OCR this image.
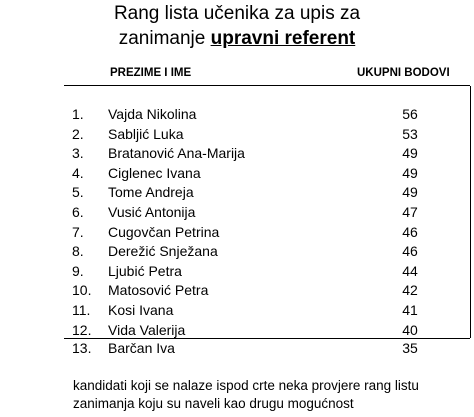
Rang lista učenika za upis za
zanimanje upravni referent
PREZIME I IME	UKUPNI BODOVI
1. Vajda Nikolina	56
2. Sabljić Luka	53
3. Bratanović Ana-Marija	49
4. Ciglenec Ivana	49
5. Tome Andreja	49
6. Vusić Antonija	47
7. Cugovčan Petrina	46
8. Derežić Snježana	46
9. Ljubić Petra	44
10. Matosović Petra	42
11. Kosi Ivana	41
12. Vida Valerija	40
13. Barčan Iva	35
kandidati koji se nalaze ispod crte neka provjere rang listu zanimanja koju su naveli kao drugu mogućnost
